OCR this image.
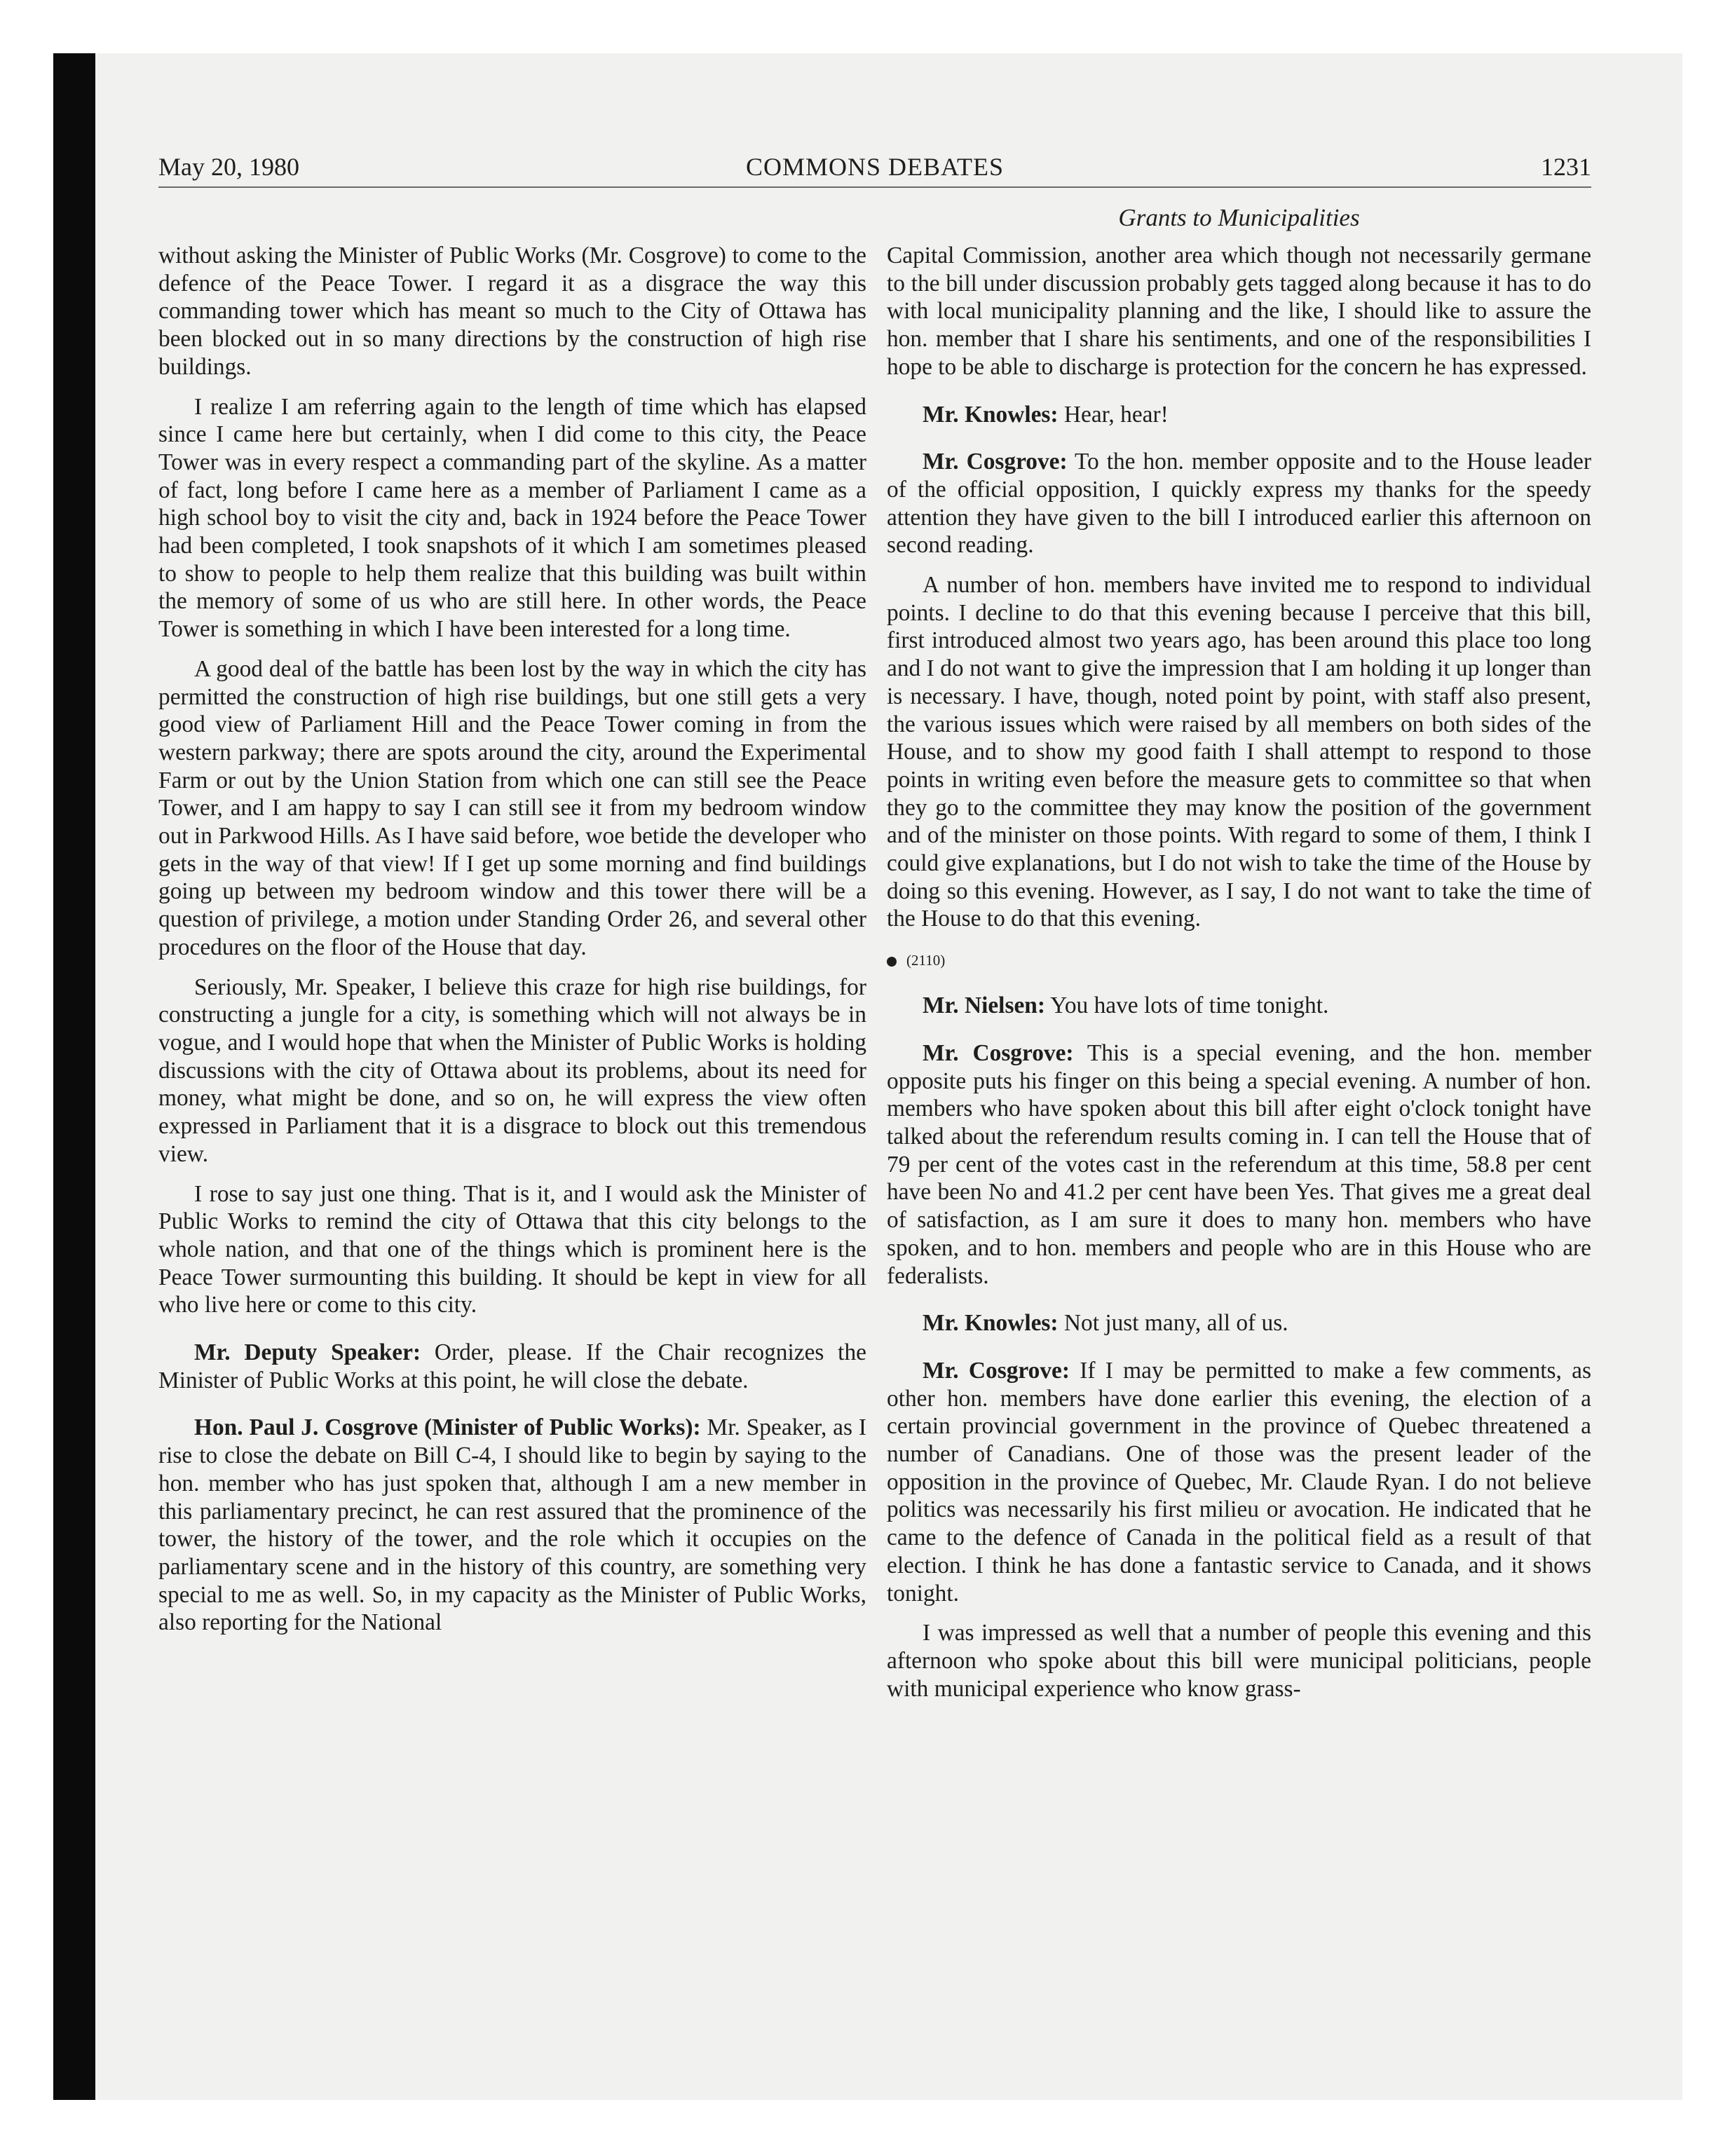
May 20, 1980	COMMONS DEBATES	1231
Grants to Municipalities

without asking the Minister of Public Works (Mr. Cosgrove) to come to the defence of the Peace Tower. I regard it as a disgrace the way this commanding tower which has meant so much to the City of Ottawa has been blocked out in so many directions by the construction of high rise buildings.

I realize I am referring again to the length of time which has elapsed since I came here but certainly, when I did come to this city, the Peace Tower was in every respect a commanding part of the skyline. As a matter of fact, long before I came here as a member of Parliament I came as a high school boy to visit the city and, back in 1924 before the Peace Tower had been completed, I took snapshots of it which I am sometimes pleased to show to people to help them realize that this building was built within the memory of some of us who are still here. In other words, the Peace Tower is something in which I have been interested for a long time.

A good deal of the battle has been lost by the way in which the city has permitted the construction of high rise buildings, but one still gets a very good view of Parliament Hill and the Peace Tower coming in from the western parkway; there are spots around the city, around the Experimental Farm or out by the Union Station from which one can still see the Peace Tower, and I am happy to say I can still see it from my bedroom window out in Parkwood Hills. As I have said before, woe betide the developer who gets in the way of that view! If I get up some morning and find buildings going up between my bedroom window and this tower there will be a question of privilege, a motion under Standing Order 26, and several other procedures on the floor of the House that day.

Seriously, Mr. Speaker, I believe this craze for high rise buildings, for constructing a jungle for a city, is something which will not always be in vogue, and I would hope that when the Minister of Public Works is holding discussions with the city of Ottawa about its problems, about its need for money, what might be done, and so on, he will express the view often expressed in Parliament that it is a disgrace to block out this tremendous view.

I rose to say just one thing. That is it, and I would ask the Minister of Public Works to remind the city of Ottawa that this city belongs to the whole nation, and that one of the things which is prominent here is the Peace Tower surmounting this building. It should be kept in view for all who live here or come to this city.

Mr. Deputy Speaker: Order, please. If the Chair recognizes the Minister of Public Works at this point, he will close the debate.

Hon. Paul J. Cosgrove (Minister of Public Works): Mr. Speaker, as I rise to close the debate on Bill C-4, I should like to begin by saying to the hon. member who has just spoken that, although I am a new member in this parliamentary precinct, he can rest assured that the prominence of the tower, the history of the tower, and the role which it occupies on the parliamentary scene and in the history of this country, are something very special to me as well. So, in my capacity as the Minister of Public Works, also reporting for the National

Capital Commission, another area which though not necessarily germane to the bill under discussion probably gets tagged along because it has to do with local municipality planning and the like, I should like to assure the hon. member that I share his sentiments, and one of the responsibilities I hope to be able to discharge is protection for the concern he has expressed.

Mr. Knowles: Hear, hear!

Mr. Cosgrove: To the hon. member opposite and to the House leader of the official opposition, I quickly express my thanks for the speedy attention they have given to the bill I introduced earlier this afternoon on second reading.

A number of hon. members have invited me to respond to individual points. I decline to do that this evening because I perceive that this bill, first introduced almost two years ago, has been around this place too long and I do not want to give the impression that I am holding it up longer than is necessary. I have, though, noted point by point, with staff also present, the various issues which were raised by all members on both sides of the House, and to show my good faith I shall attempt to respond to those points in writing even before the measure gets to committee so that when they go to the committee they may know the position of the government and of the minister on those points. With regard to some of them, I think I could give explanations, but I do not wish to take the time of the House by doing so this evening. However, as I say, I do not want to take the time of the House to do that this evening.

(2110)

Mr. Nielsen: You have lots of time tonight.

Mr. Cosgrove: This is a special evening, and the hon. member opposite puts his finger on this being a special evening. A number of hon. members who have spoken about this bill after eight o'clock tonight have talked about the referendum results coming in. I can tell the House that of 79 per cent of the votes cast in the referendum at this time, 58.8 per cent have been No and 41.2 per cent have been Yes. That gives me a great deal of satisfaction, as I am sure it does to many hon. members who have spoken, and to hon. members and people who are in this House who are federalists.

Mr. Knowles: Not just many, all of us.

Mr. Cosgrove: If I may be permitted to make a few comments, as other hon. members have done earlier this evening, the election of a certain provincial government in the province of Quebec threatened a number of Canadians. One of those was the present leader of the opposition in the province of Quebec, Mr. Claude Ryan. I do not believe politics was necessarily his first milieu or avocation. He indicated that he came to the defence of Canada in the political field as a result of that election. I think he has done a fantastic service to Canada, and it shows tonight.

I was impressed as well that a number of people this evening and this afternoon who spoke about this bill were municipal politicians, people with municipal experience who know grass-
